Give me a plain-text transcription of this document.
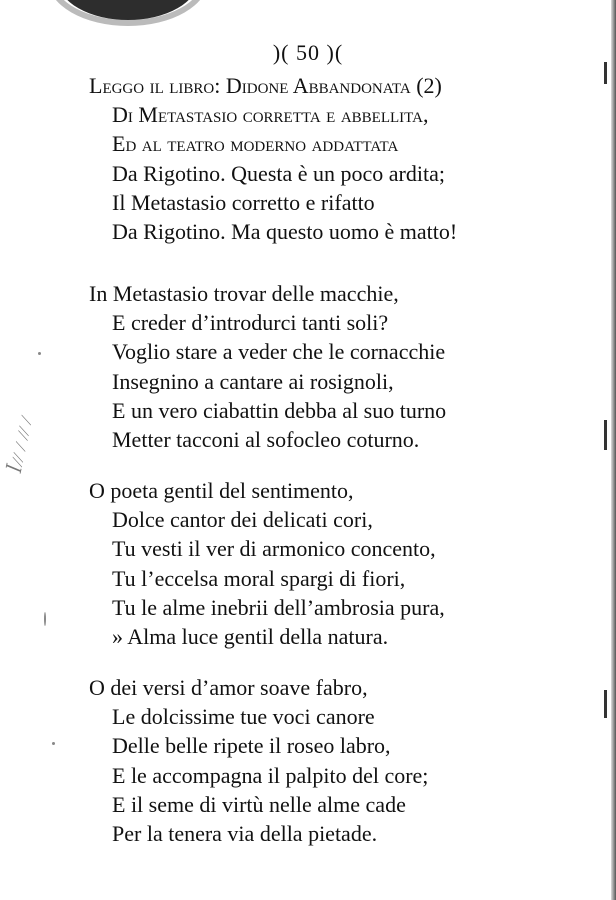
ꟾ⁄⁄ ⁄ ⁄⁄ ⁄
)( 50 )(
Leggo il libro: Didone Abbandonata (2)
Di Metastasio corretta e abbellita,
Ed al teatro moderno addattata
Da Rigotino. Questa è un poco ardita;
Il Metastasio corretto e rifatto
Da Rigotino. Ma questo uomo è matto!
In Metastasio trovar delle macchie,
E creder d’introdurci tanti soli?
Voglio stare a veder che le cornacchie
Insegnino a cantare ai rosignoli,
E un vero ciabattin debba al suo turno
Metter tacconi al sofocleo coturno.
O poeta gentil del sentimento,
Dolce cantor dei delicati cori,
Tu vesti il ver di armonico concento,
Tu l’eccelsa moral spargi di fiori,
Tu le alme inebrii dell’ambrosia pura,
» Alma luce gentil della natura.
O dei versi d’amor soave fabro,
Le dolcissime tue voci canore
Delle belle ripete il roseo labro,
E le accompagna il palpito del core;
E il seme di virtù nelle alme cade
Per la tenera via della pietade.
